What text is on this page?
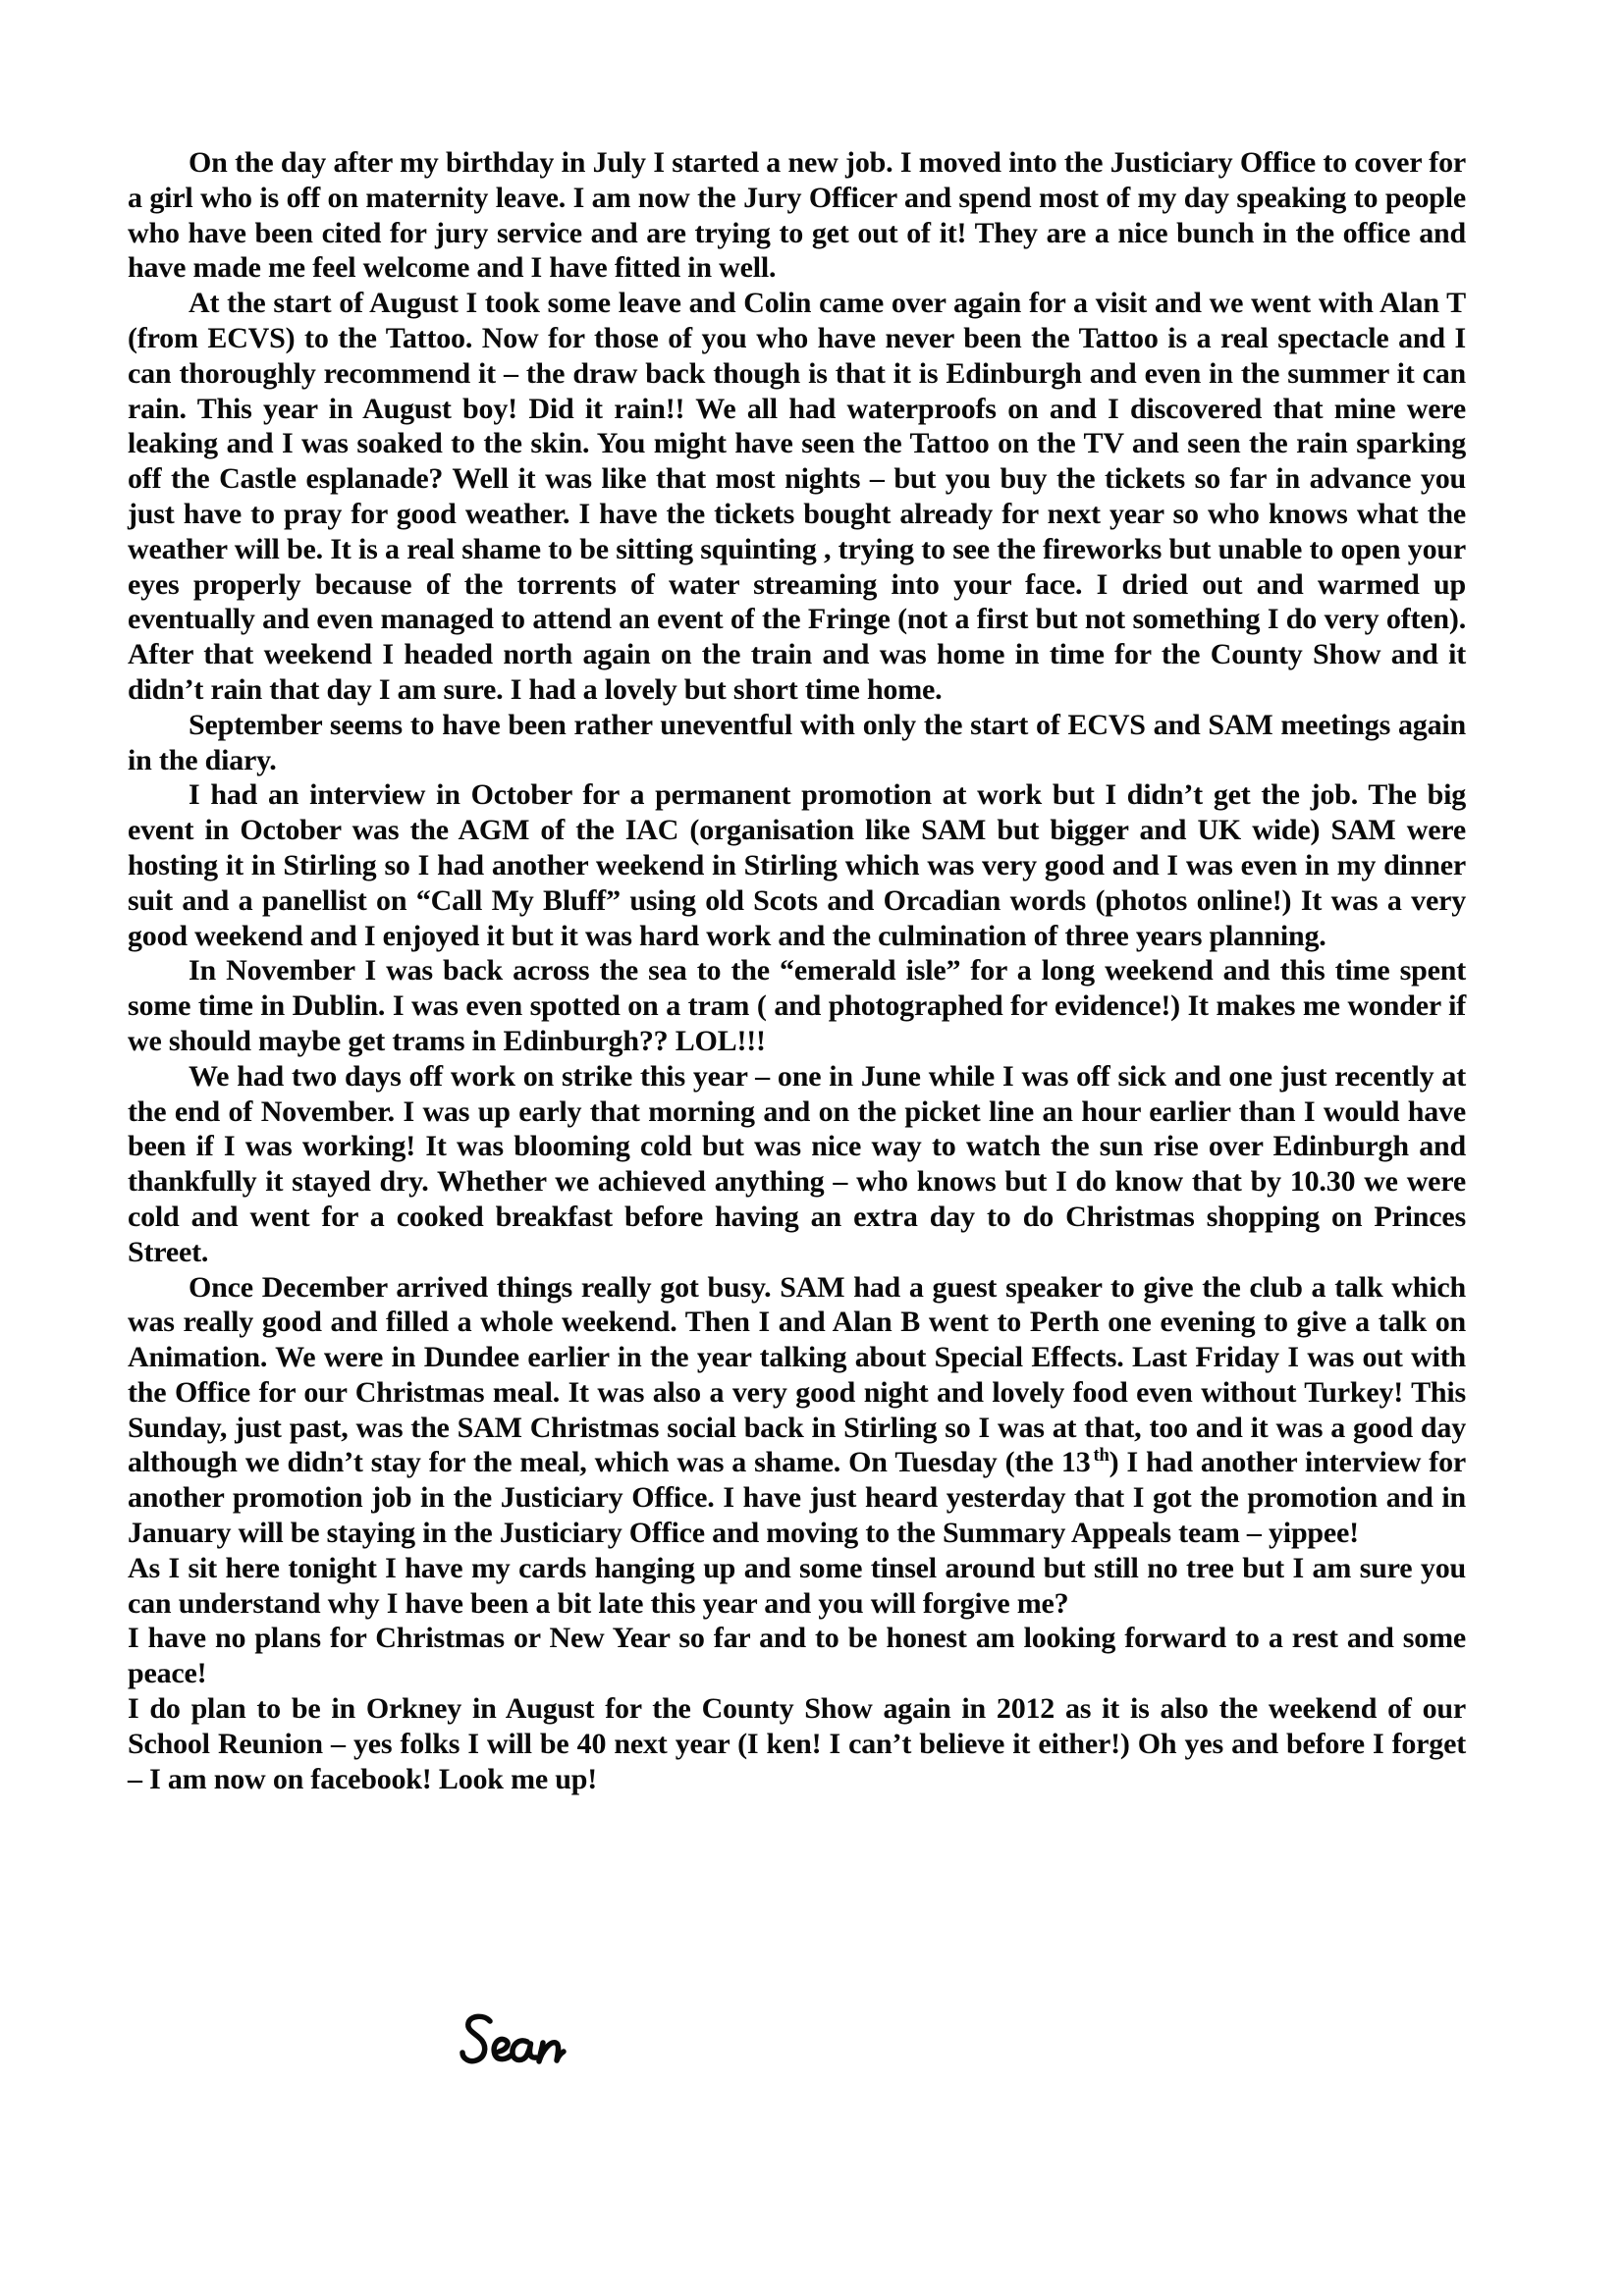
On the day after my birthday in July I started a new job. I moved into the Justiciary Office to cover for a girl who is off on maternity leave. I am now the Jury Officer and spend most of my day speaking to people who have been cited for jury service and are trying to get out of it! They are a nice bunch in the office and have made me feel welcome and I have fitted in well.

At the start of August I took some leave and Colin came over again for a visit and we went with Alan T (from ECVS) to the Tattoo. Now for those of you who have never been the Tattoo is a real spectacle and I can thoroughly recommend it – the draw back though is that it is Edinburgh and even in the summer it can rain. This year in August boy! Did it rain!! We all had waterproofs on and I discovered that mine were leaking and I was soaked to the skin. You might have seen the Tattoo on the TV and seen the rain sparking off the Castle esplanade? Well it was like that most nights – but you buy the tickets so far in advance you just have to pray for good weather. I have the tickets bought already for next year so who knows what the weather will be. It is a real shame to be sitting squinting , trying to see the fireworks but unable to open your eyes properly because of the torrents of water streaming into your face. I dried out and warmed up eventually and even managed to attend an event of the Fringe (not a first but not something I do very often). After that weekend I headed north again on the train and was home in time for the County Show and it didn’t rain that day I am sure. I had a lovely but short time home.

September seems to have been rather uneventful with only the start of ECVS and SAM meetings again in the diary.

I had an interview in October for a permanent promotion at work but I didn’t get the job. The big event in October was the AGM of the IAC (organisation like SAM but bigger and UK wide) SAM were hosting it in Stirling so I had another weekend in Stirling which was very good and I was even in my dinner suit and a panellist on “Call My Bluff” using old Scots and Orcadian words (photos online!) It was a very good weekend and I enjoyed it but it was hard work and the culmination of three years planning.

In November I was back across the sea to the “emerald isle” for a long weekend and this time spent some time in Dublin. I was even spotted on a tram ( and photographed for evidence!) It makes me wonder if we should maybe get trams in Edinburgh?? LOL!!!

We had two days off work on strike this year – one in June while I was off sick and one just recently at the end of November. I was up early that morning and on the picket line an hour earlier than I would have been if I was working! It was blooming cold but was nice way to watch the sun rise over Edinburgh and thankfully it stayed dry. Whether we achieved anything – who knows but I do know that by 10.30 we were cold and went for a cooked breakfast before having an extra day to do Christmas shopping on Princes Street.

Once December arrived things really got busy. SAM had a guest speaker to give the club a talk which was really good and filled a whole weekend. Then I and Alan B went to Perth one evening to give a talk on Animation. We were in Dundee earlier in the year talking about Special Effects. Last Friday I was out with the Office for our Christmas meal. It was also a very good night and lovely food even without Turkey! This Sunday, just past, was the SAM Christmas social back in Stirling so I was at that, too and it was a good day although we didn’t stay for the meal, which was a shame. On Tuesday (the 13 $^{th}$) I had another interview for another promotion job in the Justiciary Office. I have just heard yesterday that I got the promotion and in January will be staying in the Justiciary Office and moving to the Summary Appeals team – yippee!

As I sit here tonight I have my cards hanging up and some tinsel around but still no tree but I am sure you can understand why I have been a bit late this year and you will forgive me?

I have no plans for Christmas or New Year so far and to be honest am looking forward to a rest and some peace!

I do plan to be in Orkney in August for the County Show again in 2012 as it is also the weekend of our School Reunion – yes folks I will be 40 next year (I ken! I can’t believe it either!) Oh yes and before I forget – I am now on facebook! Look me up!
